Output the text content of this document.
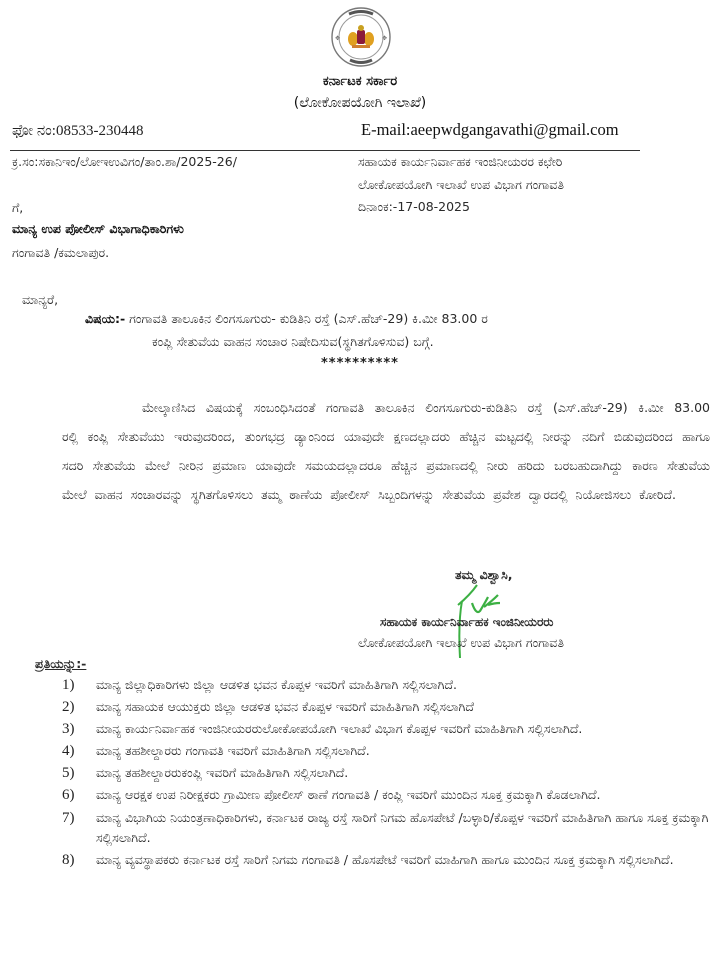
✥	✥
ಕರ್ನಾಟಕ ಸರ್ಕಾರ
(ಲೋಕೋಪಯೋಗಿ ಇಲಾಖೆ)
ಫೋ ನಂ:08533-230448	E-mail:aeepwdgangavathi@gmail.com
ಕ್ರ.ಸಂ:ಸಕಾನಿಇಂ/ಲೋಇಉವಿಗಂ/ತಾಂ.ಶಾ/2025-26/	ಸಹಾಯಕ ಕಾರ್ಯನಿರ್ವಾಹಕ ಇಂಜಿನೀಯರರ ಕಛೇರಿ
ಲೋಕೋಪಯೋಗಿ ಇಲಾಖೆ ಉಪ ವಿಭಾಗ ಗಂಗಾವತಿ
ದಿನಾಂಕ:-17-08-2025
ಗೆ,
ಮಾನ್ಯ ಉಪ ಪೋಲೀಸ್ ವಿಭಾಗಾಧಿಕಾರಿಗಳು
ಗಂಗಾವತಿ /ಕಮಲಾಪುರ.
ಮಾನ್ಯರೆ,
ವಿಷಯ:- ಗಂಗಾವತಿ ತಾಲೂಕಿನ ಲಿಂಗಸೂಗುರು- ಕುಡಿತಿನಿ ರಸ್ತೆ (ಎಸ್.ಹೆಚ್-29) ಕಿ.ಮೀ 83.00 ರ
ಕಂಪ್ಲಿ ಸೇತುವೆಯ ವಾಹನ ಸಂಚಾರ ನಿಷೇದಿಸುವ(ಸ್ಥಗಿತಗೊಳಿಸುವ) ಬಗ್ಗೆ.
**********

ಮೇಲ್ಕಾಣಿಸಿದ ವಿಷಯಕ್ಕೆ ಸಂಬಂಧಿಸಿದಂತೆ ಗಂಗಾವತಿ ತಾಲೂಕಿನ ಲಿಂಗಸೂಗುರು-ಕುಡಿತಿನಿ ರಸ್ತೆ (ಎಸ್.ಹೆಚ್-29) ಕಿ.ಮೀ 83.00 ರಲ್ಲಿ ಕಂಪ್ಲಿ ಸೇತುವೆಯು ಇರುವುದರಿಂದ, ತುಂಗಭದ್ರ ಡ್ಯಾಂನಿಂದ ಯಾವುದೇ ಕ್ಷಣದಲ್ಲಾದರು ಹೆಚ್ಚಿನ ಮಟ್ಟದಲ್ಲಿ ನೀರನ್ನು ನದಿಗೆ ಬಿಡುವುದರಿಂದ ಹಾಗೂ ಸದರಿ ಸೇತುವೆಯ ಮೇಲೆ ನೀರಿನ ಪ್ರಮಾಣ ಯಾವುದೇ ಸಮಯದಲ್ಲಾದರೂ ಹೆಚ್ಚಿನ ಪ್ರಮಾಣದಲ್ಲಿ ನೀರು ಹರಿದು ಬರಬಹುದಾಗಿದ್ದು ಕಾರಣ ಸೇತುವೆಯ ಮೇಲೆ ವಾಹನ ಸಂಚಾರವನ್ನು ಸ್ಥಗಿತಗೊಳಿಸಲು ತಮ್ಮ ಠಾಣೆಯ ಪೋಲೀಸ್ ಸಿಬ್ಬಂದಿಗಳನ್ನು ಸೇತುವೆಯ ಪ್ರವೇಶ ದ್ವಾರದಲ್ಲಿ ನಿಯೋಜಿಸಲು ಕೋರಿದೆ.

ತಮ್ಮ ವಿಶ್ವಾಸಿ,
ಸಹಾಯಕ ಕಾರ್ಯನಿರ್ವಾಹಕ ಇಂಜಿನೀಯರರು
ಲೋಕೋಪಯೋಗಿ ಇಲಾಖೆ ಉಪ ವಿಭಾಗ ಗಂಗಾವತಿ
ಪ್ರತಿಯನ್ನು:-
1) ಮಾನ್ಯ ಜಿಲ್ಲಾಧಿಕಾರಿಗಳು ಜಿಲ್ಲಾ ಆಡಳಿತ ಭವನ ಕೊಪ್ಪಳ ಇವರಿಗೆ ಮಾಹಿತಿಗಾಗಿ ಸಲ್ಲಿಸಲಾಗಿದೆ.
2) ಮಾನ್ಯ ಸಹಾಯಕ ಆಯುಕ್ತರು ಜಿಲ್ಲಾ ಆಡಳಿತ ಭವನ ಕೊಪ್ಪಳ ಇವರಿಗೆ ಮಾಹಿತಿಗಾಗಿ ಸಲ್ಲಿಸಲಾಗಿದೆ
3) ಮಾನ್ಯ ಕಾರ್ಯನಿರ್ವಾಹಕ ಇಂಜಿನೀಯರರುಲೋಕೋಪಯೋಗಿ ಇಲಾಖೆ ವಿಭಾಗ ಕೊಪ್ಪಳ ಇವರಿಗೆ ಮಾಹಿತಿಗಾಗಿ ಸಲ್ಲಿಸಲಾಗಿದೆ.
4) ಮಾನ್ಯ ತಹಶೀಲ್ದಾರರು ಗಂಗಾವತಿ ಇವರಿಗೆ ಮಾಹಿತಿಗಾಗಿ ಸಲ್ಲಿಸಲಾಗಿದೆ.
5) ಮಾನ್ಯ ತಹಶೀಲ್ದಾರರುಕಂಪ್ಲಿ ಇವರಿಗೆ ಮಾಹಿತಿಗಾಗಿ ಸಲ್ಲಿಸಲಾಗಿದೆ.
6) ಮಾನ್ಯ ಆರಕ್ಷಕ ಉಪ ನಿರೀಕ್ಷಕರು ಗ್ರಾಮೀಣ ಪೋಲೀಸ್ ಠಾಣೆ ಗಂಗಾವತಿ / ಕಂಪ್ಲಿ ಇವರಿಗೆ ಮುಂದಿನ ಸೂಕ್ತ ಕ್ರಮಕ್ಕಾಗಿ ಕೊಡಲಾಗಿದೆ.
7) ಮಾನ್ಯ ವಿಭಾಗಿಯ ನಿಯಂತ್ರಣಾಧಿಕಾರಿಗಳು, ಕರ್ನಾಟಕ ರಾಜ್ಯ ರಸ್ತೆ ಸಾರಿಗೆ ನಿಗಮ ಹೊಸಪೇಟೆ /ಬಳ್ಳಾರಿ/ಕೊಪ್ಪಳ ಇವರಿಗೆ ಮಾಹಿತಿಗಾಗಿ ಹಾಗೂ ಸೂಕ್ತ ಕ್ರಮಕ್ಕಾಗಿ ಸಲ್ಲಿಸಲಾಗಿದೆ.
8) ಮಾನ್ಯ ವ್ಯವಸ್ಥಾಪಕರು ಕರ್ನಾಟಕ ರಸ್ತೆ ಸಾರಿಗೆ ನಿಗಮ ಗಂಗಾವತಿ / ಹೊಸಪೇಟೆ ಇವರಿಗೆ ಮಾಹಿಗಾಗಿ ಹಾಗೂ ಮುಂದಿನ ಸೂಕ್ತ ಕ್ರಮಕ್ಕಾಗಿ ಸಲ್ಲಿಸಲಾಗಿದೆ.
